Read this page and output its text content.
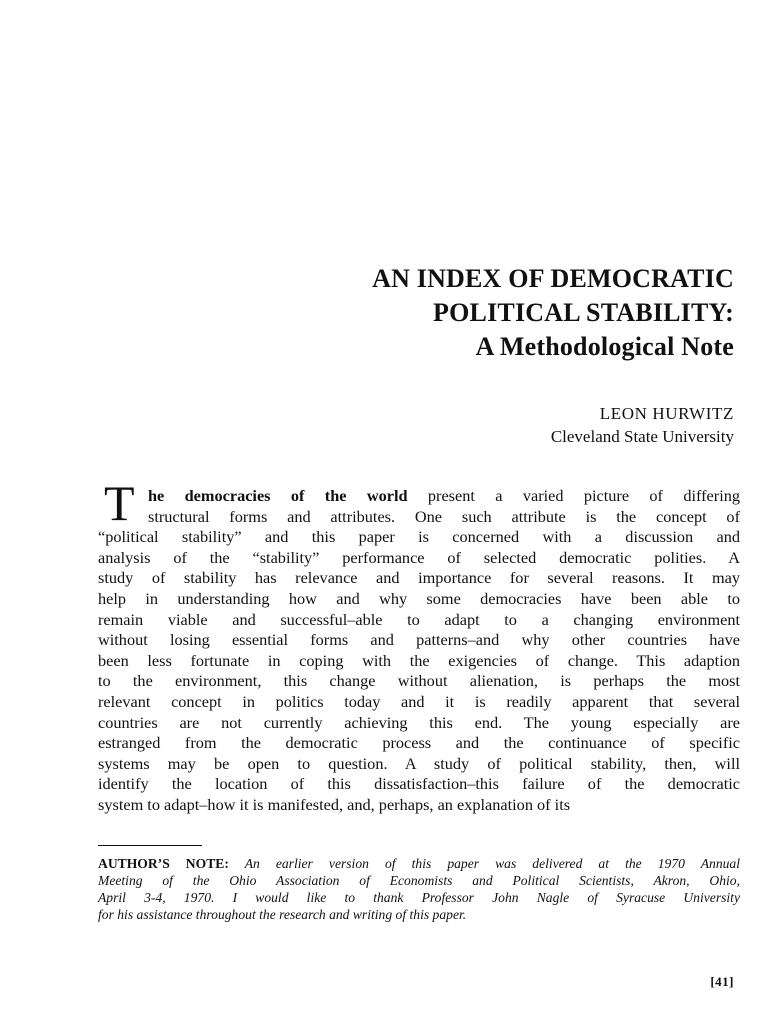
AN INDEX OF DEMOCRATIC
POLITICAL STABILITY:
A Methodological Note
LEON HURWITZ
Cleveland State University
T he democracies of the world present a varied picture of differing
structural forms and attributes. One such attribute is the concept of
“political stability” and this paper is concerned with a discussion and
analysis of the “stability” performance of selected democratic polities. A
study of stability has relevance and importance for several reasons. It may
help in understanding how and why some democracies have been able to
remain viable and successful–able to adapt to a changing environment
without losing essential forms and patterns–and why other countries have
been less fortunate in coping with the exigencies of change. This adaption
to the environment, this change without alienation, is perhaps the most
relevant concept in politics today and it is readily apparent that several
countries are not currently achieving this end. The young especially are
estranged from the democratic process and the continuance of specific
systems may be open to question. A study of political stability, then, will
identify the location of this dissatisfaction–this failure of the democratic
system to adapt–how it is manifested, and, perhaps, an explanation of its
AUTHOR’S NOTE: An earlier version of this paper was delivered at the 1970 Annual
Meeting of the Ohio Association of Economists and Political Scientists, Akron, Ohio,
April 3-4, 1970. I would like to thank Professor John Nagle of Syracuse University
for his assistance throughout the research and writing of this paper.
[41]
